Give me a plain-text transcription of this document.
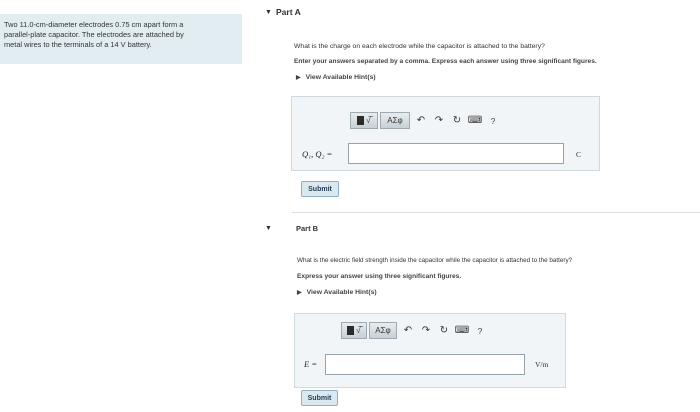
Two 11.0-cm-diameter electrodes 0.75 cm apart form a
parallel-plate capacitor. The electrodes are attached by
metal wires to the terminals of a 14 V battery.
▼ Part A
What is the charge on each electrode while the capacitor is attached to the battery?
Enter your answers separated by a comma. Express each answer using three significant figures.
▶ View Available Hint(s)
√̅	AΣφ	↶ ↷ ↻ ⌨ ?
Q₁, Q₂ =	C
Submit
▼	Part B
What is the electric field strength inside the capacitor while the capacitor is attached to the battery?
Express your answer using three significant figures.
▶ View Available Hint(s)
√̅	AΣφ	↶ ↷ ↻ ⌨ ?
E =	V/m
Submit
